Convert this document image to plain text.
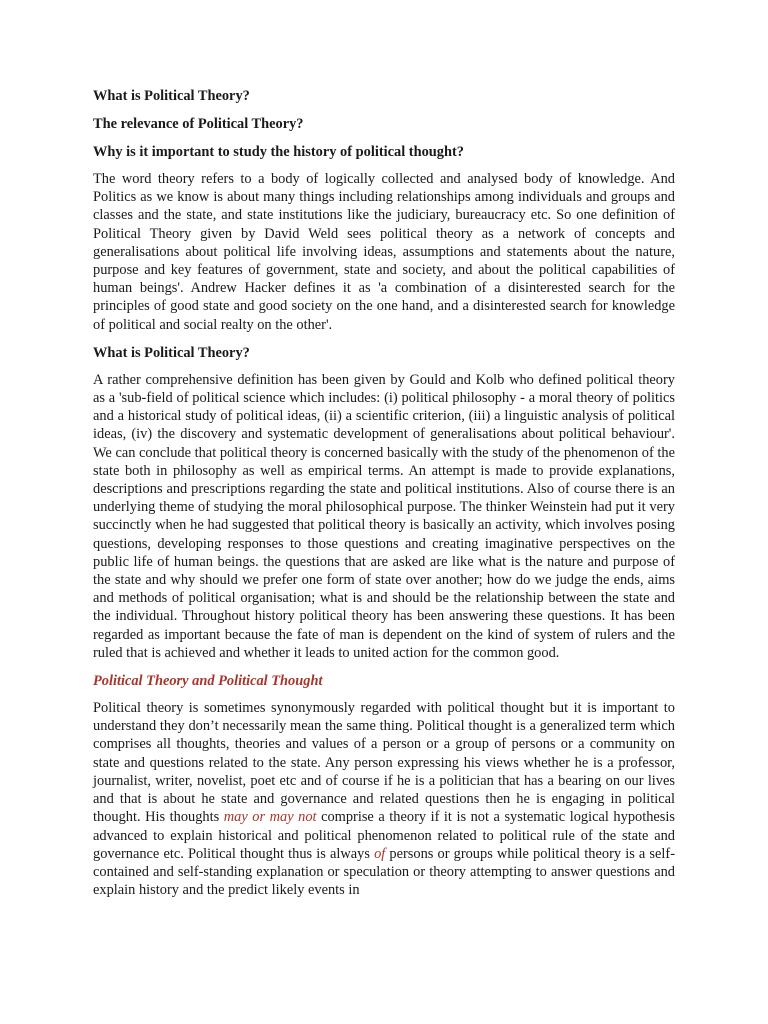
What is Political Theory?
The relevance of Political Theory?
Why is it important to study the history of political thought?
The word theory refers to a body of logically collected and analysed body of knowledge. And Politics as we know is about many things including relationships among individuals and groups and classes and the state, and state institutions like the judiciary, bureaucracy etc. So one definition of Political Theory given by David Weld sees political theory as a network of concepts and generalisations about political life involving ideas, assumptions and statements about the nature, purpose and key features of government, state and society, and about the political capabilities of human beings'. Andrew Hacker defines it as 'a combination of a disinterested search for the principles of good state and good society on the one hand, and a disinterested search for knowledge of political and social realty on the other'.
What is Political Theory?
A rather comprehensive definition has been given by Gould and Kolb who defined political theory as a 'sub-field of political science which includes: (i) political philosophy - a moral theory of politics and a historical study of political ideas, (ii) a scientific criterion, (iii) a linguistic analysis of political ideas, (iv) the discovery and systematic development of generalisations about political behaviour'. We can conclude that political theory is concerned basically with the study of the phenomenon of the state both in philosophy as well as empirical terms. An attempt is made to provide explanations, descriptions and prescriptions regarding the state and political institutions. Also of course there is an underlying theme of studying the moral philosophical purpose. The thinker Weinstein had put it very succinctly when he had suggested that political theory is basically an activity, which involves posing questions, developing responses to those questions and creating imaginative perspectives on the public life of human beings. the questions that are asked are like what is the nature and purpose of the state and why should we prefer one form of state over another; how do we judge the ends, aims and methods of political organisation; what is and should be the relationship between the state and the individual. Throughout history political theory has been answering these questions. It has been regarded as important because the fate of man is dependent on the kind of system of rulers and the ruled that is achieved and whether it leads to united action for the common good.
Political Theory and Political Thought
Political theory is sometimes synonymously regarded with political thought but it is important to understand they don’t necessarily mean the same thing. Political thought is a generalized term which comprises all thoughts, theories and values of a person or a group of persons or a community on state and questions related to the state. Any person expressing his views whether he is a professor, journalist, writer, novelist, poet etc and of course if he is a politician that has a bearing on our lives and that is about he state and governance and related questions then he is engaging in political thought. His thoughts may or may not comprise a theory if it is not a systematic logical hypothesis advanced to explain historical and political phenomenon related to political rule of the state and governance etc. Political thought thus is always of persons or groups while political theory is a self-contained and self-standing explanation or speculation or theory attempting to answer questions and explain history and the predict likely events in
